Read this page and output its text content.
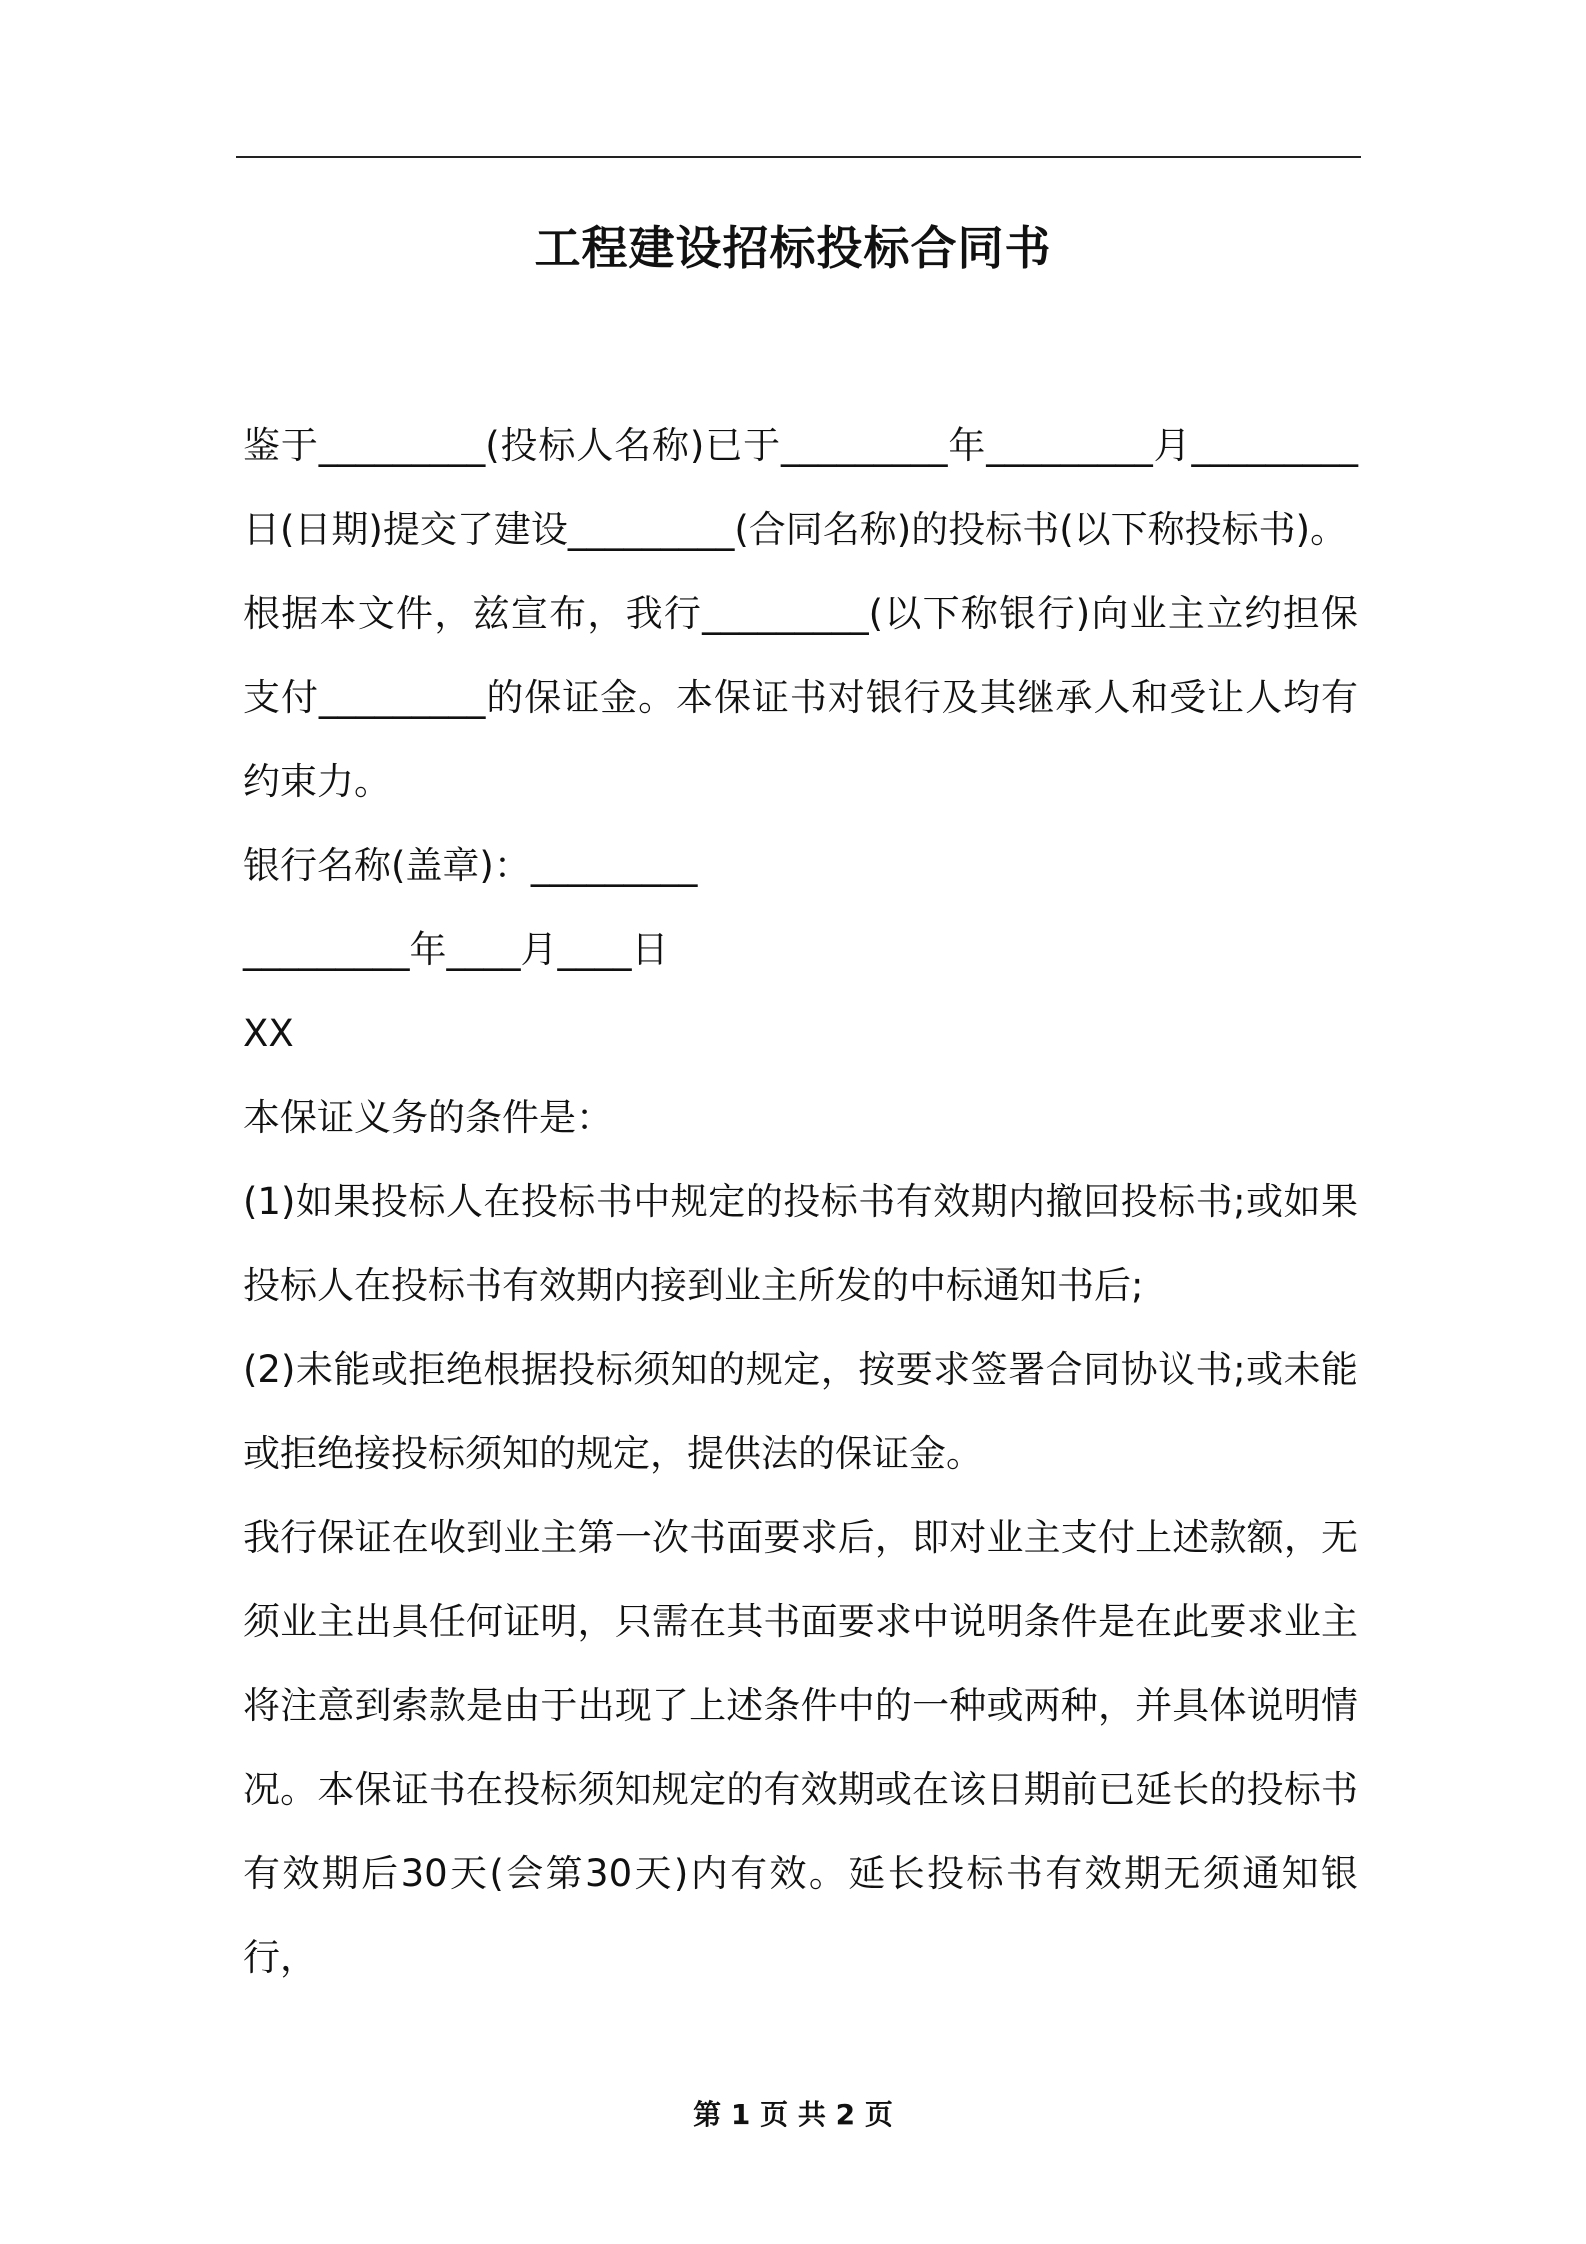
工程建设招标投标合同书

鉴于_________(投标人名称)已于_________年_________月_________日(日期)提交了建设_________(合同名称)的投标书(以下称投标书)。

根据本文件，兹宣布，我行_________(以下称银行)向业主立约担保支付_________的保证金。本保证书对银行及其继承人和受让人均有约束力。

银行名称(盖章)：_________

_________年____月____日

XX

本保证义务的条件是：

(1)如果投标人在投标书中规定的投标书有效期内撤回投标书;或如果投标人在投标书有效期内接到业主所发的中标通知书后;

(2)未能或拒绝根据投标须知的规定，按要求签署合同协议书;或未能或拒绝接投标须知的规定，提供法的保证金。

我行保证在收到业主第一次书面要求后，即对业主支付上述款额，无须业主出具任何证明，只需在其书面要求中说明条件是在此要求业主将注意到索款是由于出现了上述条件中的一种或两种，并具体说明情况。本保证书在投标须知规定的有效期或在该日期前已延长的投标书有效期后30天(会第30天)内有效。延长投标书有效期无须通知银行，

第 1 页 共 2 页
